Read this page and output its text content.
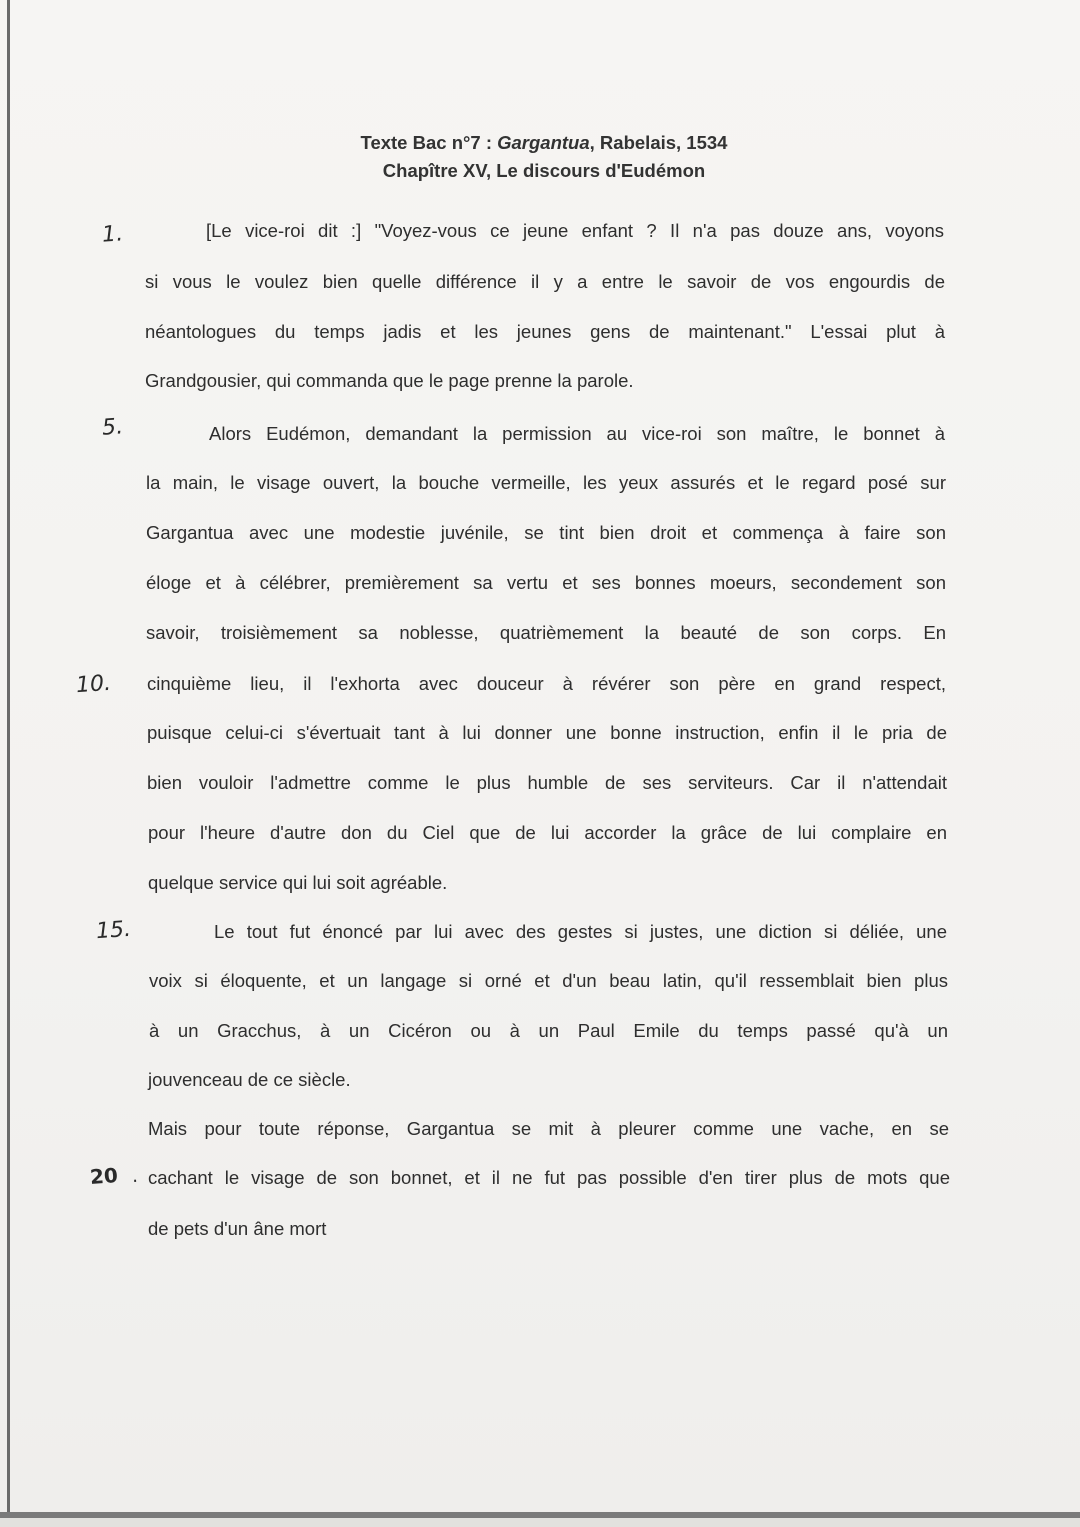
Texte Bac n°7 : Gargantua, Rabelais, 1534
Chapître XV, Le discours d'Eudémon
1.
5.
10.
15.
20 .
[Le vice-roi dit :] "Voyez-vous ce jeune enfant ? Il n'a pas douze ans, voyons
si vous le voulez bien quelle différence il y a entre le savoir de vos engourdis de
néantologues du temps jadis et les jeunes gens de maintenant." L'essai plut à
Grandgousier, qui commanda que le page prenne la parole.
Alors Eudémon, demandant la permission au vice-roi son maître, le bonnet à
la main, le visage ouvert, la bouche vermeille, les yeux assurés et le regard posé sur
Gargantua avec une modestie juvénile, se tint bien droit et commença à faire son
éloge et à célébrer, premièrement sa vertu et ses bonnes moeurs, secondement son
savoir, troisièmement sa noblesse, quatrièmement la beauté de son corps. En
cinquième lieu, il l'exhorta avec douceur à révérer son père en grand respect,
puisque celui-ci s'évertuait tant à lui donner une bonne instruction, enfin il le pria de
bien vouloir l'admettre comme le plus humble de ses serviteurs. Car il n'attendait
pour l'heure d'autre don du Ciel que de lui accorder la grâce de lui complaire en
quelque service qui lui soit agréable.
Le tout fut énoncé par lui avec des gestes si justes, une diction si déliée, une
voix si éloquente, et un langage si orné et d'un beau latin, qu'il ressemblait bien plus
à un Gracchus, à un Cicéron ou à un Paul Emile du temps passé qu'à un
jouvenceau de ce siècle.
Mais pour toute réponse, Gargantua se mit à pleurer comme une vache, en se
cachant le visage de son bonnet, et il ne fut pas possible d'en tirer plus de mots que
de pets d'un âne mort
